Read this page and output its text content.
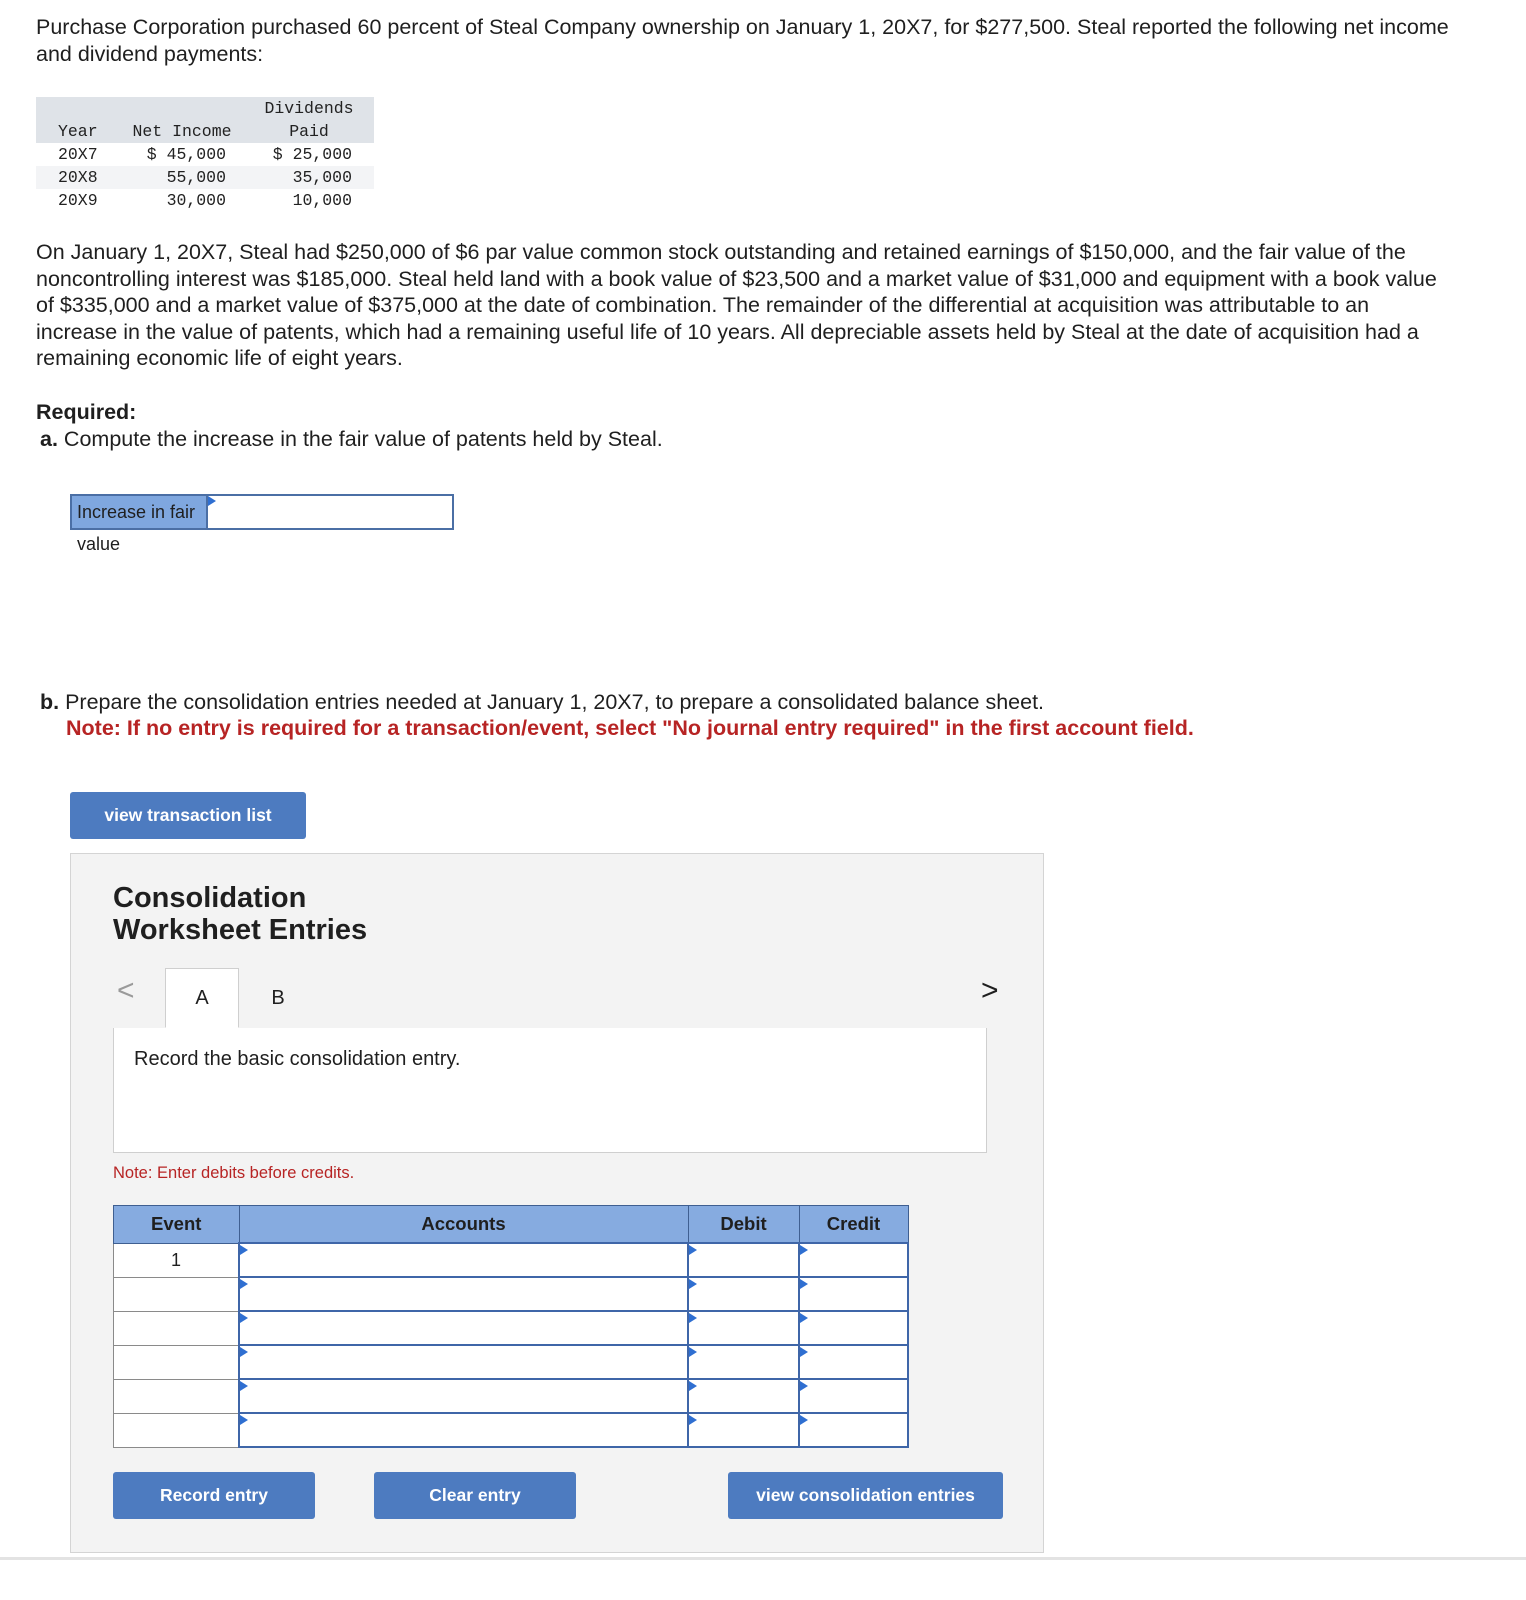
Purchase Corporation purchased 60 percent of Steal Company ownership on January 1, 20X7, for $277,500. Steal reported the following net income and dividend payments:

		Dividends
Year	Net Income	Paid
20X7	$ 45,000	$ 25,000
20X8	55,000	35,000
20X9	30,000	10,000

On January 1, 20X7, Steal had $250,000 of $6 par value common stock outstanding and retained earnings of $150,000, and the fair value of the noncontrolling interest was $185,000. Steal held land with a book value of $23,500 and a market value of $31,000 and equipment with a book value of $335,000 and a market value of $375,000 at the date of combination. The remainder of the differential at acquisition was attributable to an increase in the value of patents, which had a remaining useful life of 10 years. All depreciable assets held by Steal at the date of acquisition had a remaining economic life of eight years.

Required:

a. Compute the increase in the fair value of patents held by Steal.

Increase in fair value

b. Prepare the consolidation entries needed at January 1, 20X7, to prepare a consolidated balance sheet.

Note: If no entry is required for a transaction/event, select "No journal entry required" in the first account field.

view transaction list

Consolidation
Worksheet Entries

<	>
A	B

Record the basic consolidation entry.

Note: Enter debits before credits.

Event	Accounts	Debit	Credit
1	

Record entry	Clear entry	view consolidation entries
